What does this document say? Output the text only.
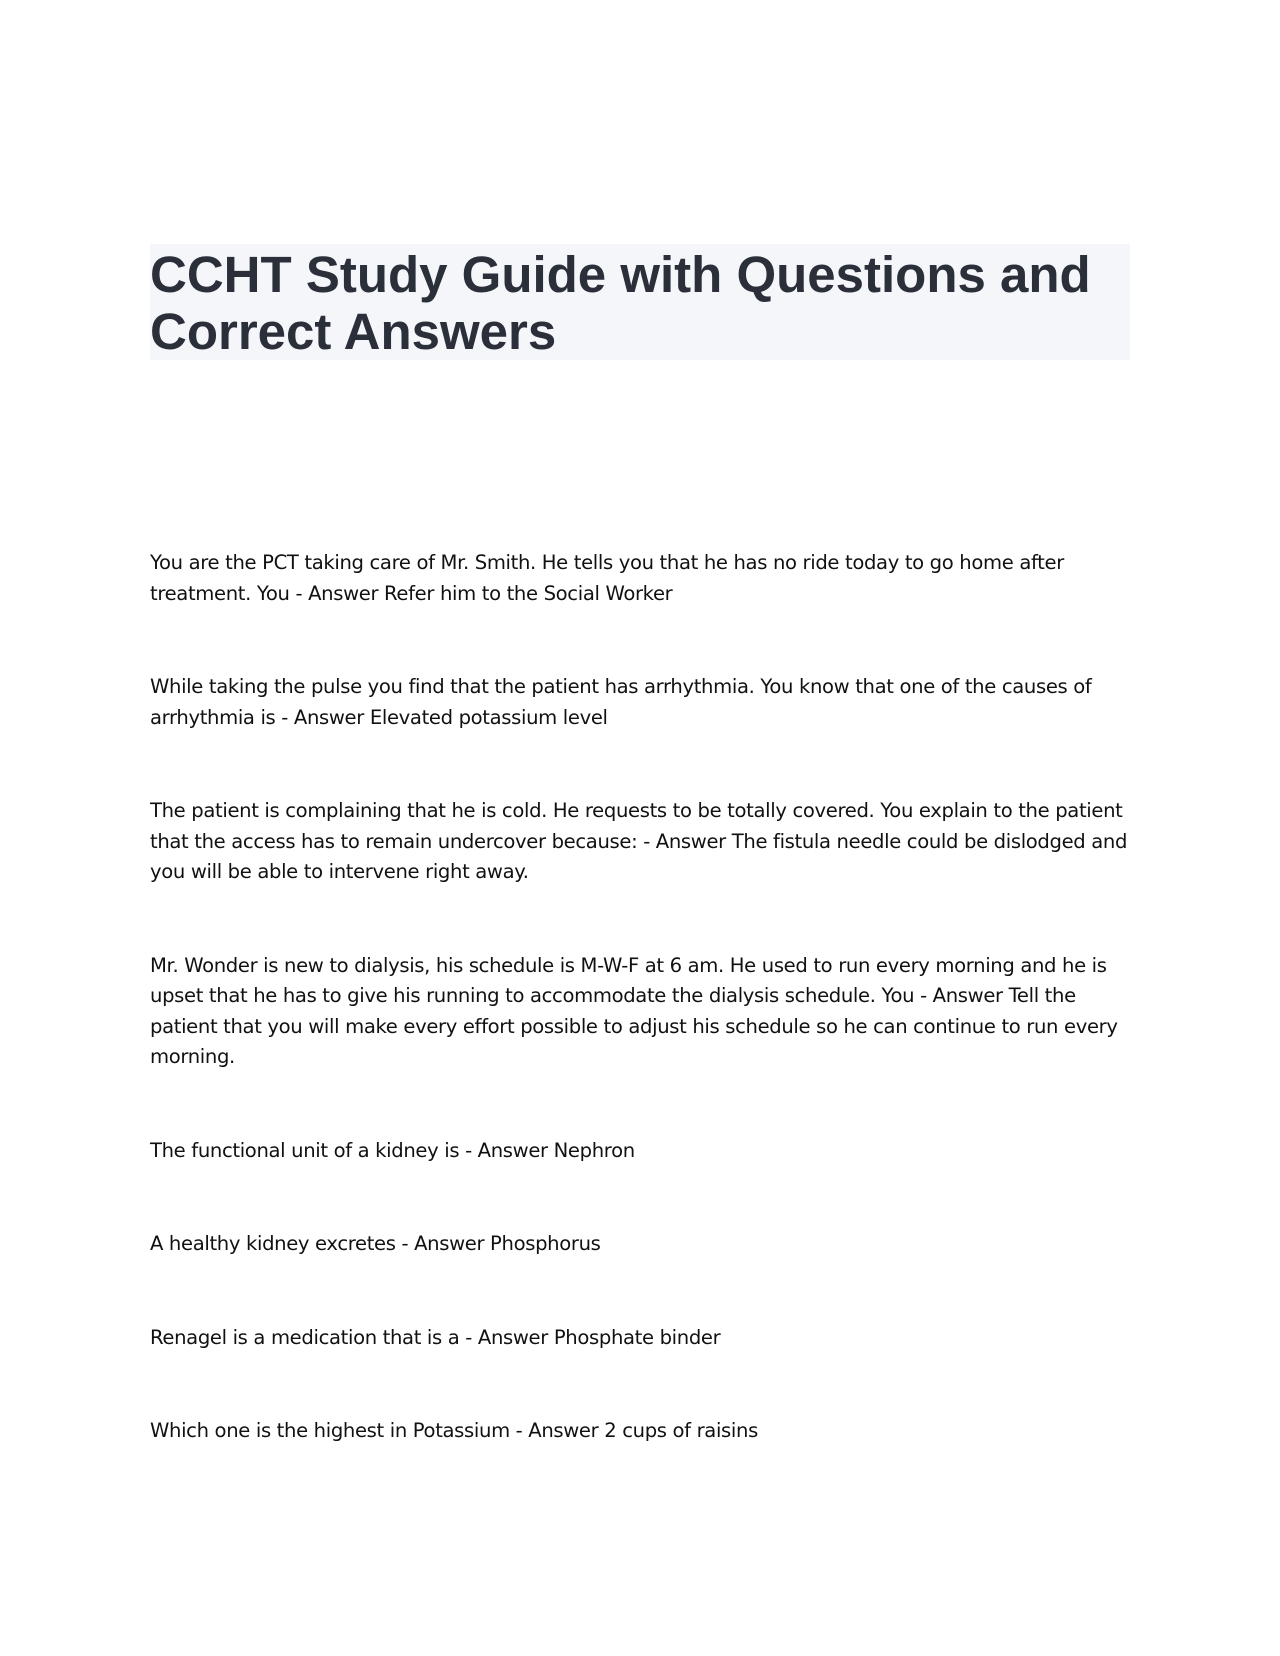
CCHT Study Guide with Questions and Correct Answers

You are the PCT taking care of Mr. Smith. He tells you that he has no ride today to go home after treatment. You - Answer Refer him to the Social Worker

While taking the pulse you find that the patient has arrhythmia. You know that one of the causes of arrhythmia is - Answer Elevated potassium level

The patient is complaining that he is cold. He requests to be totally covered. You explain to the patient that the access has to remain undercover because: - Answer The fistula needle could be dislodged and you will be able to intervene right away.

Mr. Wonder is new to dialysis, his schedule is M-W-F at 6 am. He used to run every morning and he is upset that he has to give his running to accommodate the dialysis schedule. You - Answer Tell the patient that you will make every effort possible to adjust his schedule so he can continue to run every morning.

The functional unit of a kidney is - Answer Nephron

A healthy kidney excretes - Answer Phosphorus

Renagel is a medication that is a - Answer Phosphate binder

Which one is the highest in Potassium - Answer 2 cups of raisins
